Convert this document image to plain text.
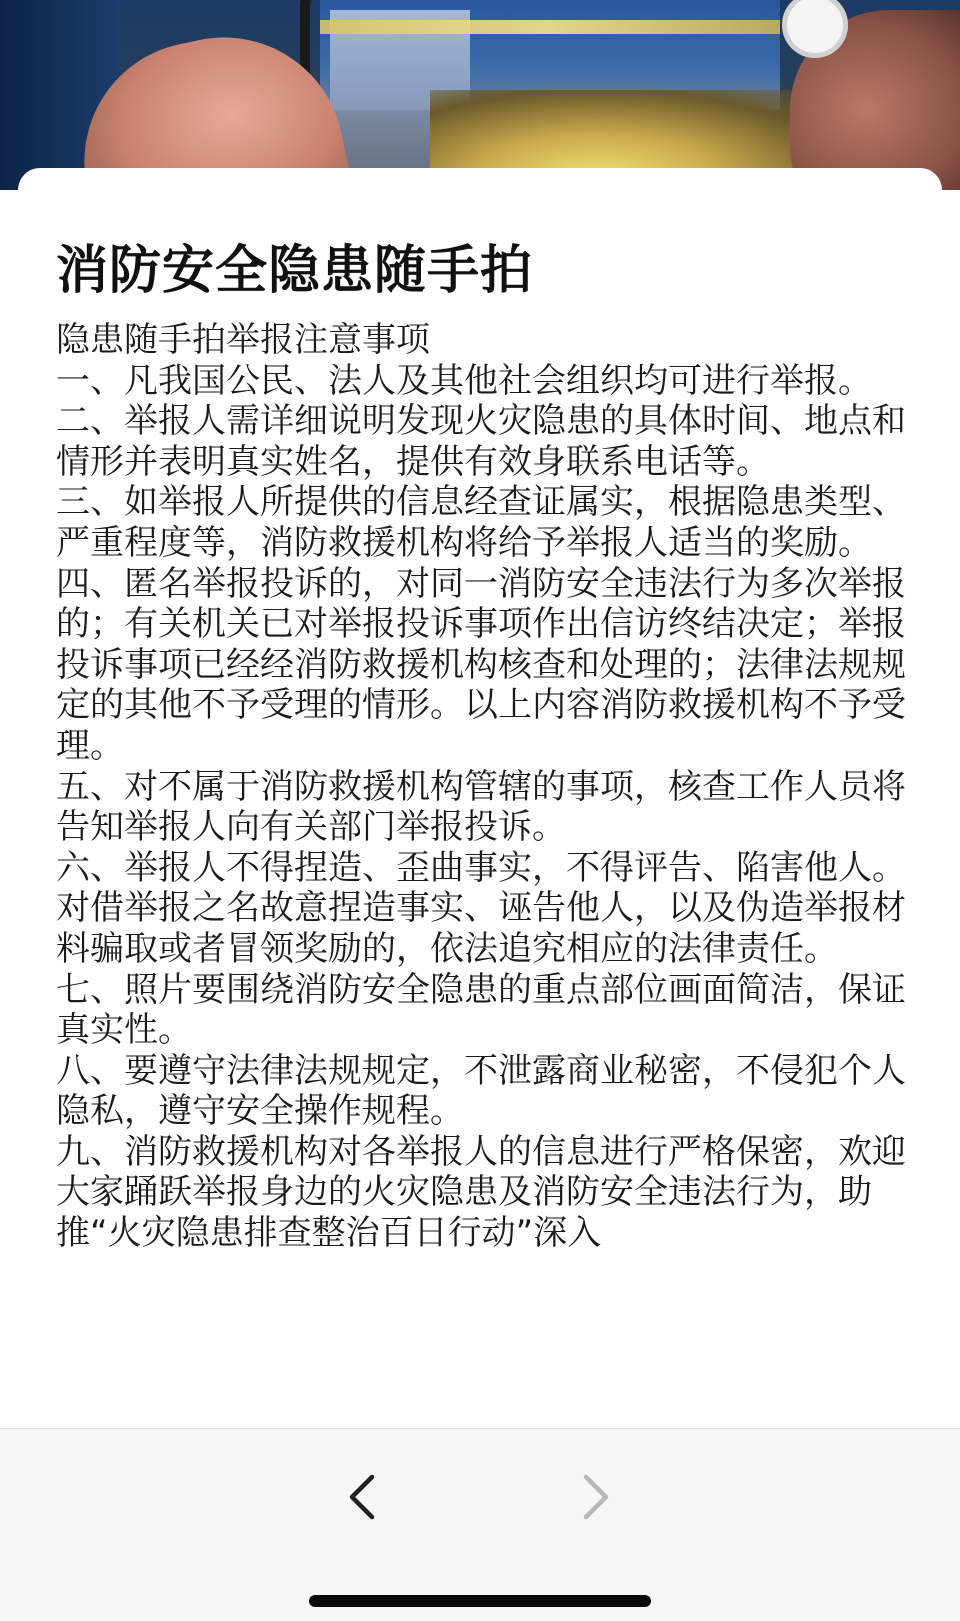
消防安全隐患随手拍

隐患随手拍举报注意事项

一、凡我国公民、法人及其他社会组织均可进行举报。

二、举报人需详细说明发现火灾隐患的具体时间、地点和情形并表明真实姓名，提供有效身联系电话等。

三、如举报人所提供的信息经查证属实，根据隐患类型、严重程度等，消防救援机构将给予举报人适当的奖励。

四、匿名举报投诉的，对同一消防安全违法行为多次举报的；有关机关已对举报投诉事项作出信访终结决定；举报投诉事项已经经消防救援机构核查和处理的；法律法规规定的其他不予受理的情形。以上内容消防救援机构不予受理。

五、对不属于消防救援机构管辖的事项，核查工作人员将告知举报人向有关部门举报投诉。

六、举报人不得捏造、歪曲事实，不得评告、陷害他人。对借举报之名故意捏造事实、诬告他人，以及伪造举报材料骗取或者冒领奖励的，依法追究相应的法律责任。

七、照片要围绕消防安全隐患的重点部位画面简洁，保证真实性。

八、要遵守法律法规规定，不泄露商业秘密，不侵犯个人隐私，遵守安全操作规程。

九、消防救援机构对各举报人的信息进行严格保密，欢迎大家踊跃举报身边的火灾隐患及消防安全违法行为，助推“火灾隐患排查整治百日行动”深入
